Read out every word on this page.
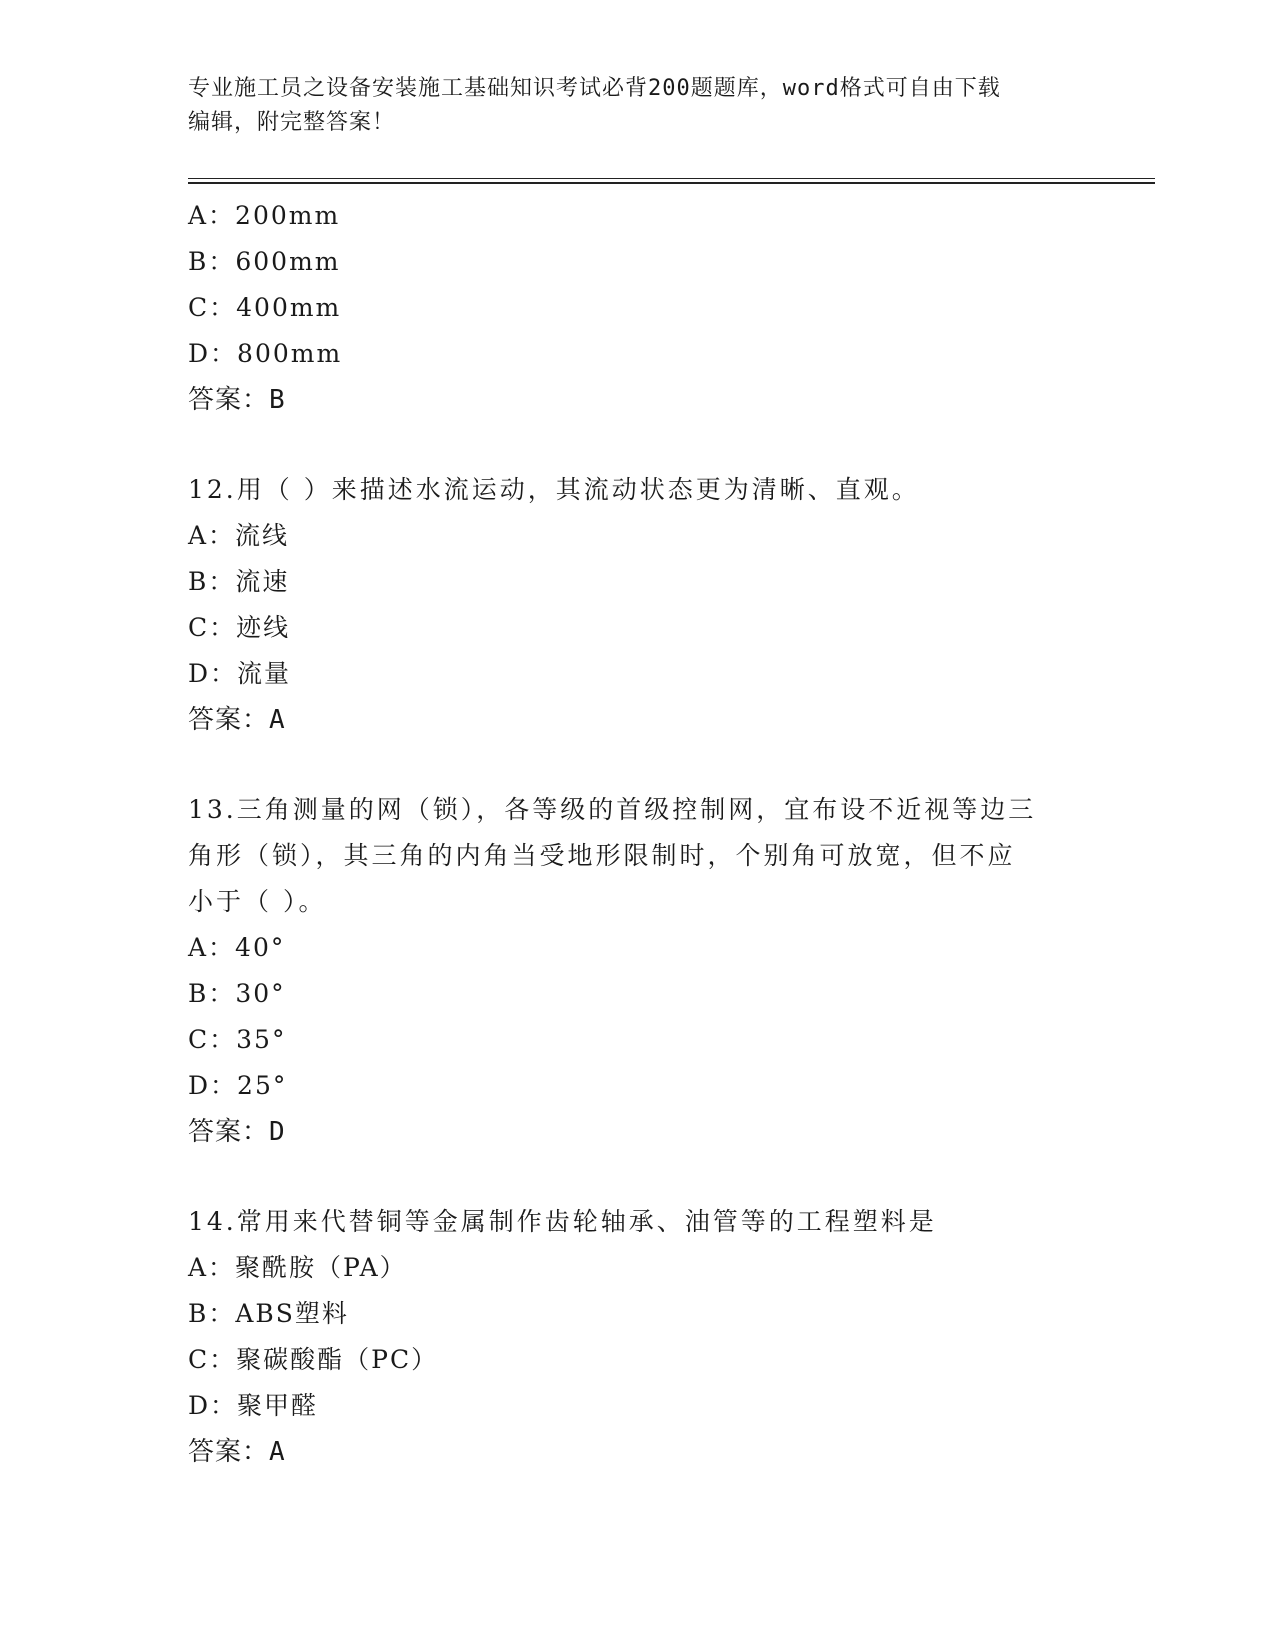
专业施工员之设备安装施工基础知识考试必背200题题库，word格式可自由下载
编辑，附完整答案！
A：200mm
B：600mm
C：400mm
D：800mm
答案：B
12.用（ ）来描述水流运动，其流动状态更为清晰、直观。
A：流线
B：流速
C：迹线
D：流量
答案：A
13.三角测量的网（锁），各等级的首级控制网，宜布设不近视等边三
角形（锁），其三角的内角当受地形限制时，个别角可放宽，但不应
小于（ ）。
A：40°
B：30°
C：35°
D：25°
答案：D
14.常用来代替铜等金属制作齿轮轴承、油管等的工程塑料是
A：聚酰胺（PA）
B：ABS塑料
C：聚碳酸酯（PC）
D：聚甲醛
答案：A
